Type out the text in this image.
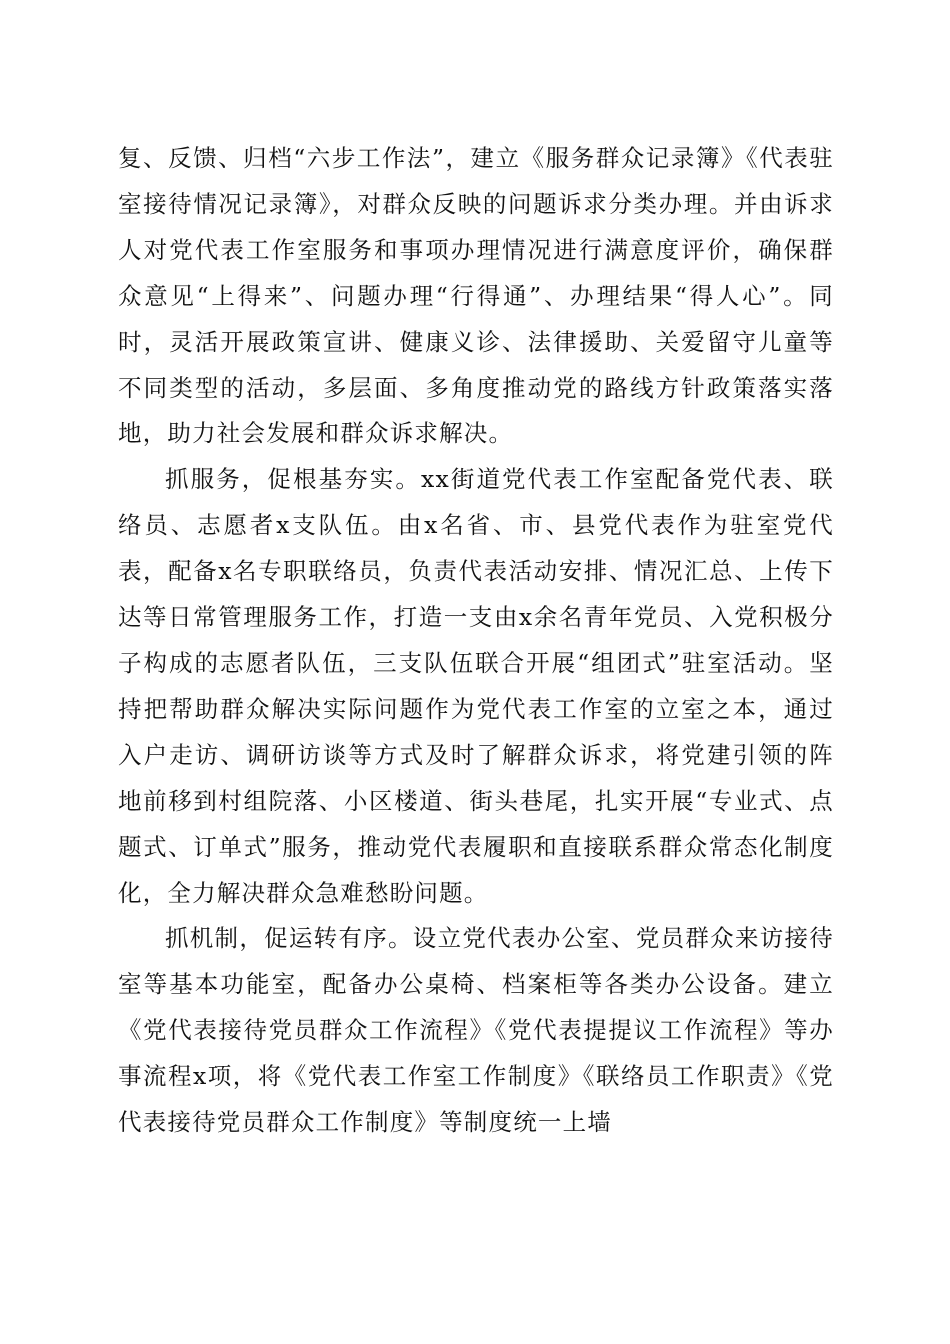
复、反馈、归档“六步工作法”，建立《服务群众记录簿》《代表驻室接待情况记录簿》，对群众反映的问题诉求分类办理。并由诉求人对党代表工作室服务和事项办理情况进行满意度评价，确保群众意见“上得来”、问题办理“行得通”、办理结果“得人心”。同时，灵活开展政策宣讲、健康义诊、法律援助、关爱留守儿童等不同类型的活动，多层面、多角度推动党的路线方针政策落实落地，助力社会发展和群众诉求解决。

抓服务，促根基夯实。xx街道党代表工作室配备党代表、联络员、志愿者x支队伍。由x名省、市、县党代表作为驻室党代表，配备x名专职联络员，负责代表活动安排、情况汇总、上传下达等日常管理服务工作，打造一支由x余名青年党员、入党积极分子构成的志愿者队伍，三支队伍联合开展“组团式”驻室活动。坚持把帮助群众解决实际问题作为党代表工作室的立室之本，通过入户走访、调研访谈等方式及时了解群众诉求，将党建引领的阵地前移到村组院落、小区楼道、街头巷尾，扎实开展“专业式、点题式、订单式”服务，推动党代表履职和直接联系群众常态化制度化，全力解决群众急难愁盼问题。

抓机制，促运转有序。设立党代表办公室、党员群众来访接待室等基本功能室，配备办公桌椅、档案柜等各类办公设备。建立《党代表接待党员群众工作流程》《党代表提提议工作流程》等办事流程x项，将《党代表工作室工作制度》《联络员工作职责》《党代表接待党员群众工作制度》等制度统一上墙
